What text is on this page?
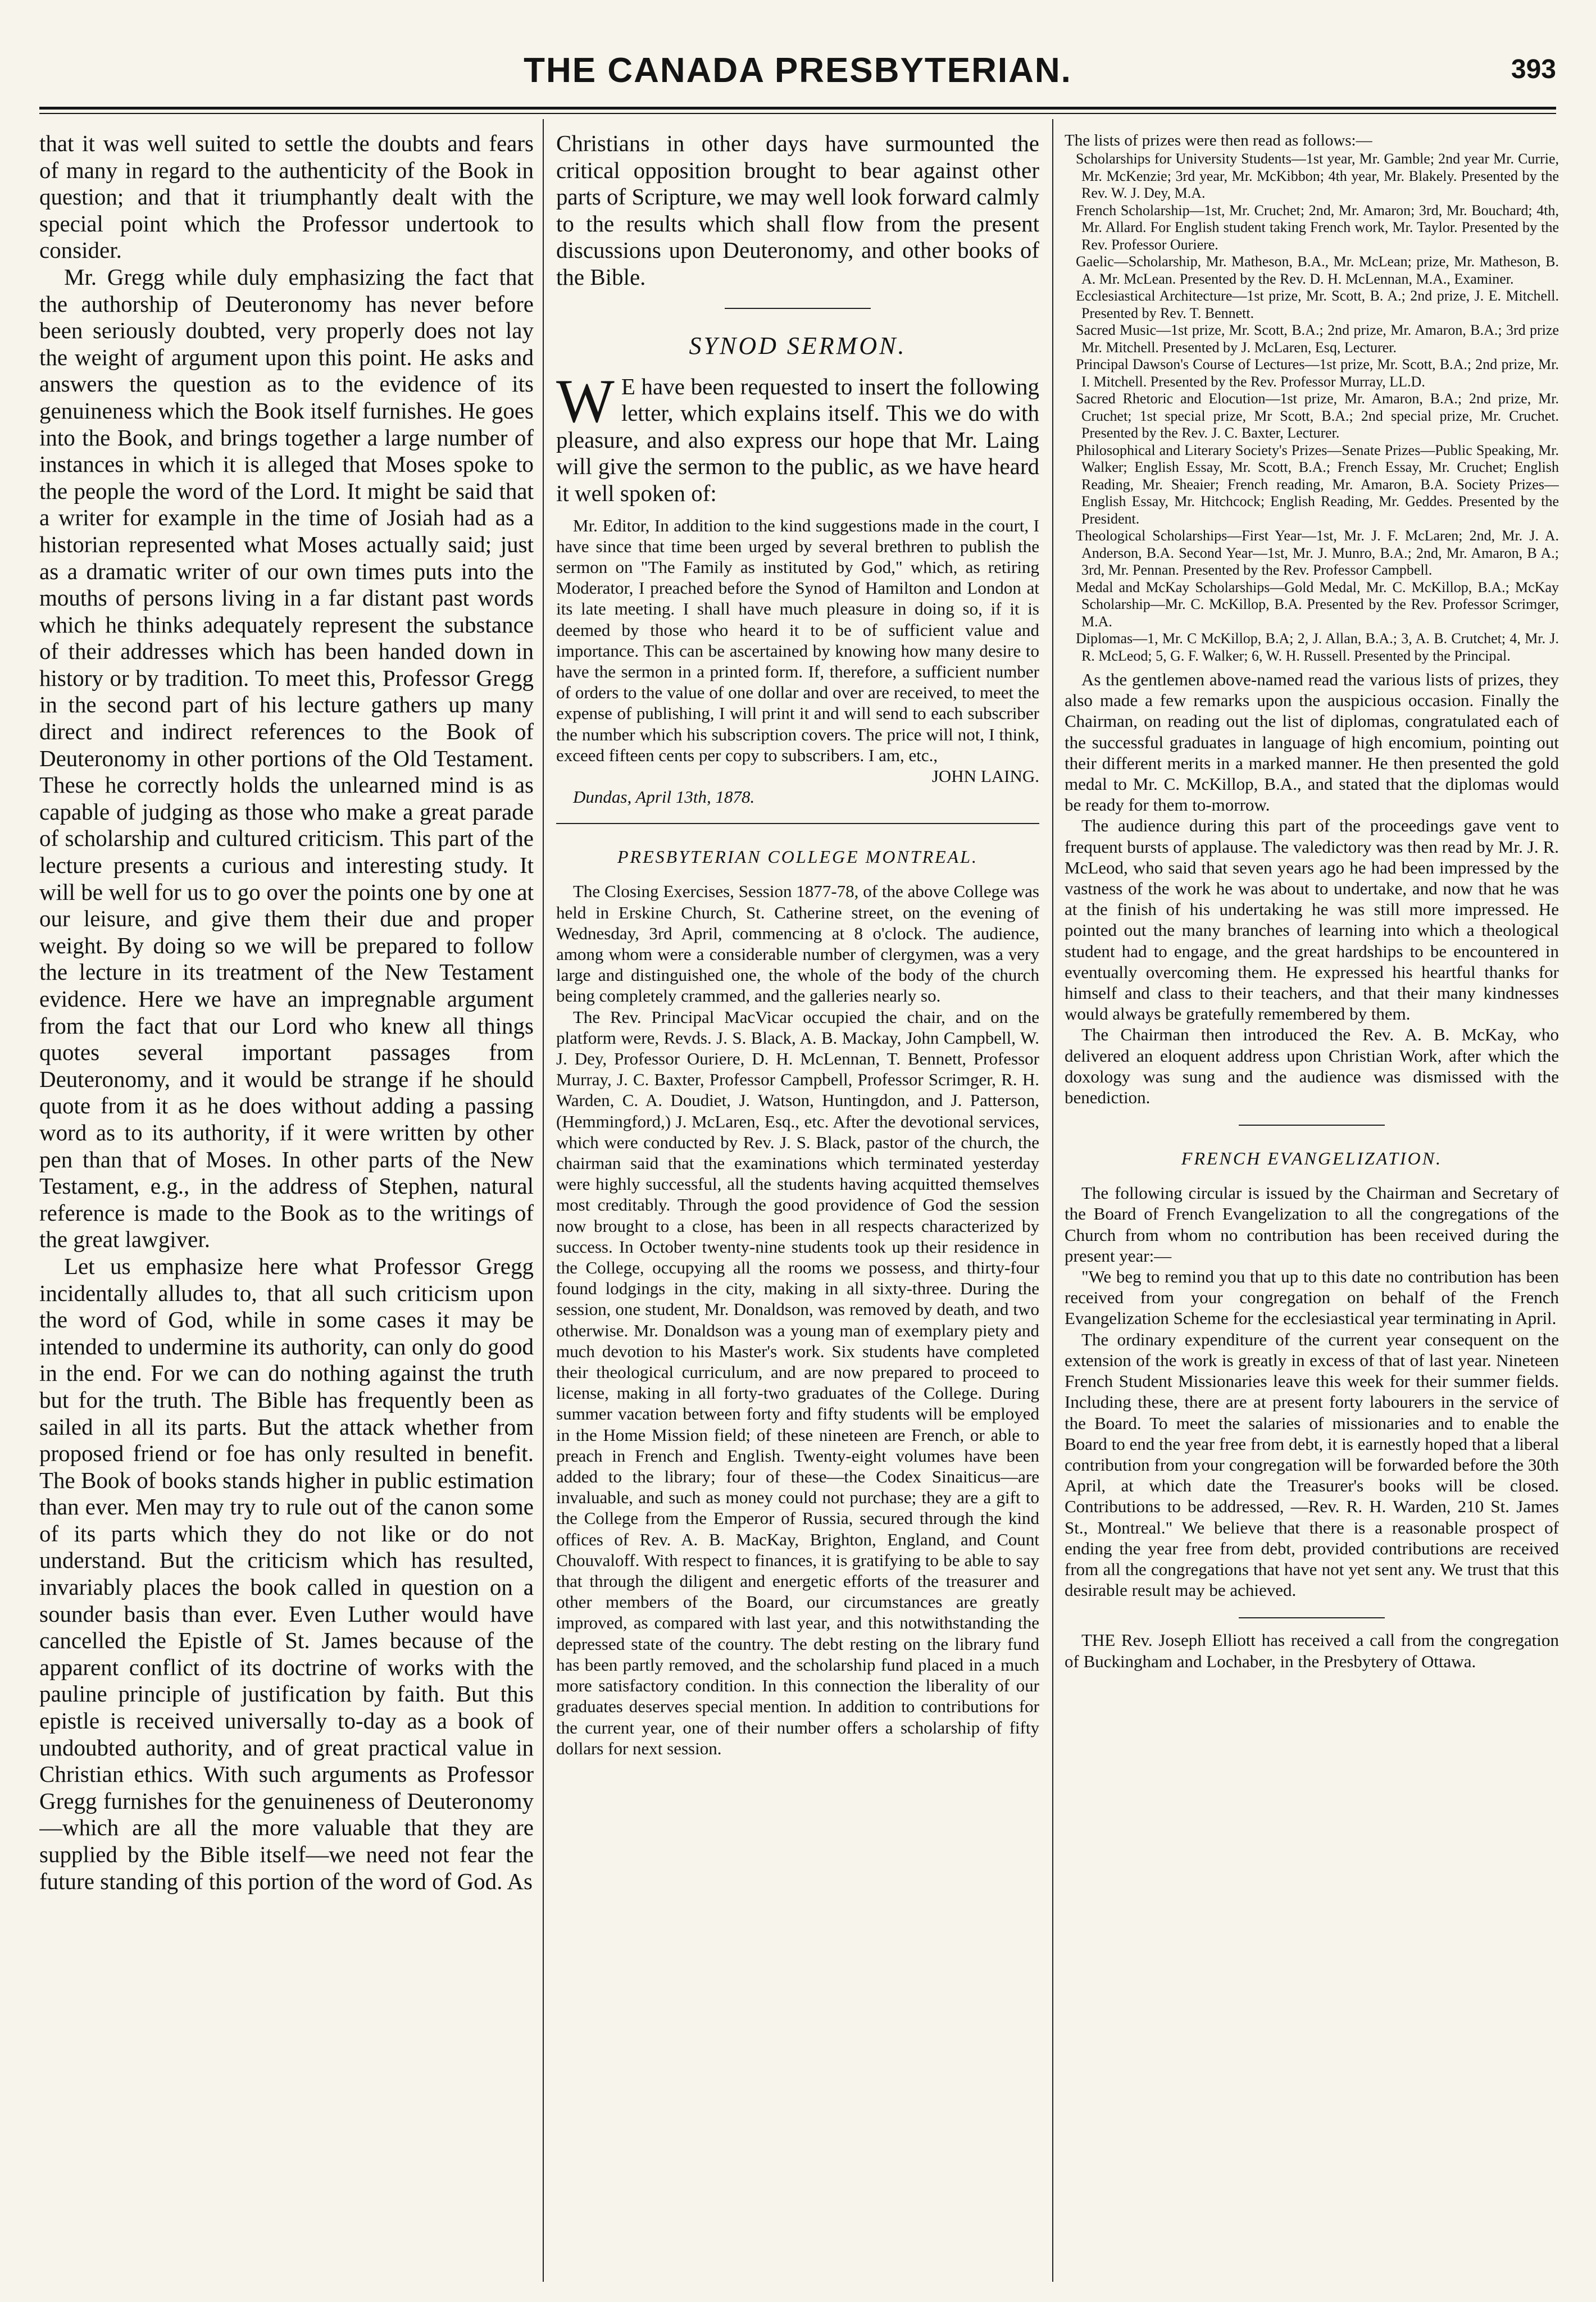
THE CANADA PRESBYTERIAN.	393

that it was well suited to settle the doubts and fears of many in regard to the authenticity of the Book in question; and that it triumphantly dealt with the special point which the Professor undertook to consider.

Mr. Gregg while duly emphasizing the fact that the authorship of Deuteronomy has never before been seriously doubted, very properly does not lay the weight of argument upon this point. He asks and answers the question as to the evidence of its genuineness which the Book itself furnishes. He goes into the Book, and brings together a large number of instances in which it is alleged that Moses spoke to the people the word of the Lord. It might be said that a writer for example in the time of Josiah had as a historian represented what Moses actually said; just as a dramatic writer of our own times puts into the mouths of persons living in a far distant past words which he thinks adequately represent the substance of their addresses which has been handed down in history or by tradition. To meet this, Professor Gregg in the second part of his lecture gathers up many direct and indirect references to the Book of Deuteronomy in other portions of the Old Testament. These he correctly holds the unlearned mind is as capable of judging as those who make a great parade of scholarship and cultured criticism. This part of the lecture presents a curious and interesting study. It will be well for us to go over the points one by one at our leisure, and give them their due and proper weight. By doing so we will be prepared to follow the lecture in its treatment of the New Testament evidence. Here we have an impregnable argument from the fact that our Lord who knew all things quotes several important passages from Deuteronomy, and it would be strange if he should quote from it as he does without adding a passing word as to its authority, if it were written by other pen than that of Moses. In other parts of the New Testament, e.g., in the address of Stephen, natural reference is made to the Book as to the writings of the great lawgiver.

Let us emphasize here what Professor Gregg incidentally alludes to, that all such criticism upon the word of God, while in some cases it may be intended to undermine its authority, can only do good in the end. For we can do nothing against the truth but for the truth. The Bible has frequently been as sailed in all its parts. But the attack whether from proposed friend or foe has only resulted in benefit. The Book of books stands higher in public estimation than ever. Men may try to rule out of the canon some of its parts which they do not like or do not understand. But the criticism which has resulted, invariably places the book called in question on a sounder basis than ever. Even Luther would have cancelled the Epistle of St. James because of the apparent conflict of its doctrine of works with the pauline principle of justification by faith. But this epistle is received universally to-day as a book of undoubted authority, and of great practical value in Christian ethics. With such arguments as Professor Gregg furnishes for the genuineness of Deuteronomy—which are all the more valuable that they are supplied by the Bible itself—we need not fear the future standing of this portion of the word of God. As

Christians in other days have surmounted the critical opposition brought to bear against other parts of Scripture, we may well look forward calmly to the results which shall flow from the present discussions upon Deuteronomy, and other books of the Bible.

SYNOD SERMON.

W E have been requested to insert the following letter, which explains itself. This we do with pleasure, and also express our hope that Mr. Laing will give the sermon to the public, as we have heard it well spoken of:

Mr. Editor, In addition to the kind suggestions made in the court, I have since that time been urged by several brethren to publish the sermon on "The Family as instituted by God," which, as retiring Moderator, I preached before the Synod of Hamilton and London at its late meeting. I shall have much pleasure in doing so, if it is deemed by those who heard it to be of sufficient value and importance. This can be ascertained by knowing how many desire to have the sermon in a printed form. If, therefore, a sufficient number of orders to the value of one dollar and over are received, to meet the expense of publishing, I will print it and will send to each subscriber the number which his subscription covers. The price will not, I think, exceed fifteen cents per copy to subscribers. I am, etc.,

JOHN LAING.

Dundas, April 13th, 1878.

PRESBYTERIAN COLLEGE MONTREAL.

The Closing Exercises, Session 1877-78, of the above College was held in Erskine Church, St. Catherine street, on the evening of Wednesday, 3rd April, commencing at 8 o'clock. The audience, among whom were a considerable number of clergymen, was a very large and distinguished one, the whole of the body of the church being completely crammed, and the galleries nearly so.

The Rev. Principal MacVicar occupied the chair, and on the platform were, Revds. J. S. Black, A. B. Mackay, John Campbell, W. J. Dey, Professor Ouriere, D. H. McLennan, T. Bennett, Professor Murray, J. C. Baxter, Professor Campbell, Professor Scrimger, R. H. Warden, C. A. Doudiet, J. Watson, Huntingdon, and J. Patterson, (Hemmingford,) J. McLaren, Esq., etc. After the devotional services, which were conducted by Rev. J. S. Black, pastor of the church, the chairman said that the examinations which terminated yesterday were highly successful, all the students having acquitted themselves most creditably. Through the good providence of God the session now brought to a close, has been in all respects characterized by success. In October twenty-nine students took up their residence in the College, occupying all the rooms we possess, and thirty-four found lodgings in the city, making in all sixty-three. During the session, one student, Mr. Donaldson, was removed by death, and two otherwise. Mr. Donaldson was a young man of exemplary piety and much devotion to his Master's work. Six students have completed their theological curriculum, and are now prepared to proceed to license, making in all forty-two graduates of the College. During summer vacation between forty and fifty students will be employed in the Home Mission field; of these nineteen are French, or able to preach in French and English. Twenty-eight volumes have been added to the library; four of these—the Codex Sinaiticus—are invaluable, and such as money could not purchase; they are a gift to the College from the Emperor of Russia, secured through the kind offices of Rev. A. B. MacKay, Brighton, England, and Count Chouvaloff. With respect to finances, it is gratifying to be able to say that through the diligent and energetic efforts of the treasurer and other members of the Board, our circumstances are greatly improved, as compared with last year, and this notwithstanding the depressed state of the country. The debt resting on the library fund has been partly removed, and the scholarship fund placed in a much more satisfactory condition. In this connection the liberality of our graduates deserves special mention. In addition to contributions for the current year, one of their number offers a scholarship of fifty dollars for next session.

The lists of prizes were then read as follows:—

Scholarships for University Students—1st year, Mr. Gamble; 2nd year Mr. Currie, Mr. McKenzie; 3rd year, Mr. McKibbon; 4th year, Mr. Blakely. Presented by the Rev. W. J. Dey, M.A.

French Scholarship—1st, Mr. Cruchet; 2nd, Mr. Amaron; 3rd, Mr. Bouchard; 4th, Mr. Allard. For English student taking French work, Mr. Taylor. Presented by the Rev. Professor Ouriere.

Gaelic—Scholarship, Mr. Matheson, B.A., Mr. McLean; prize, Mr. Matheson, B. A. Mr. McLean. Presented by the Rev. D. H. McLennan, M.A., Examiner.

Ecclesiastical Architecture—1st prize, Mr. Scott, B. A.; 2nd prize, J. E. Mitchell. Presented by Rev. T. Bennett.

Sacred Music—1st prize, Mr. Scott, B.A.; 2nd prize, Mr. Amaron, B.A.; 3rd prize Mr. Mitchell. Presented by J. McLaren, Esq, Lecturer.

Principal Dawson's Course of Lectures—1st prize, Mr. Scott, B.A.; 2nd prize, Mr. I. Mitchell. Presented by the Rev. Professor Murray, LL.D.

Sacred Rhetoric and Elocution—1st prize, Mr. Amaron, B.A.; 2nd prize, Mr. Cruchet; 1st special prize, Mr Scott, B.A.; 2nd special prize, Mr. Cruchet. Presented by the Rev. J. C. Baxter, Lecturer.

Philosophical and Literary Society's Prizes—Senate Prizes—Public Speaking, Mr. Walker; English Essay, Mr. Scott, B.A.; French Essay, Mr. Cruchet; English Reading, Mr. Sheaier; French reading, Mr. Amaron, B.A. Society Prizes—English Essay, Mr. Hitchcock; English Reading, Mr. Geddes. Presented by the President.

Theological Scholarships—First Year—1st, Mr. J. F. McLaren; 2nd, Mr. J. A. Anderson, B.A. Second Year—1st, Mr. J. Munro, B.A.; 2nd, Mr. Amaron, B A.; 3rd, Mr. Pennan. Presented by the Rev. Professor Campbell.

Medal and McKay Scholarships—Gold Medal, Mr. C. McKillop, B.A.; McKay Scholarship—Mr. C. McKillop, B.A. Presented by the Rev. Professor Scrimger, M.A.

Diplomas—1, Mr. C McKillop, B.A; 2, J. Allan, B.A.; 3, A. B. Crutchet; 4, Mr. J. R. McLeod; 5, G. F. Walker; 6, W. H. Russell. Presented by the Principal.

As the gentlemen above-named read the various lists of prizes, they also made a few remarks upon the auspicious occasion. Finally the Chairman, on reading out the list of diplomas, congratulated each of the successful graduates in language of high encomium, pointing out their different merits in a marked manner. He then presented the gold medal to Mr. C. McKillop, B.A., and stated that the diplomas would be ready for them to-morrow.

The audience during this part of the proceedings gave vent to frequent bursts of applause. The valedictory was then read by Mr. J. R. McLeod, who said that seven years ago he had been impressed by the vastness of the work he was about to undertake, and now that he was at the finish of his undertaking he was still more impressed. He pointed out the many branches of learning into which a theological student had to engage, and the great hardships to be encountered in eventually overcoming them. He expressed his heartful thanks for himself and class to their teachers, and that their many kindnesses would always be gratefully remembered by them.

The Chairman then introduced the Rev. A. B. McKay, who delivered an eloquent address upon Christian Work, after which the doxology was sung and the audience was dismissed with the benediction.

FRENCH EVANGELIZATION.

The following circular is issued by the Chairman and Secretary of the Board of French Evangelization to all the congregations of the Church from whom no contribution has been received during the present year:—

"We beg to remind you that up to this date no contribution has been received from your congregation on behalf of the French Evangelization Scheme for the ecclesiastical year terminating in April.

The ordinary expenditure of the current year consequent on the extension of the work is greatly in excess of that of last year. Nineteen French Student Missionaries leave this week for their summer fields. Including these, there are at present forty labourers in the service of the Board. To meet the salaries of missionaries and to enable the Board to end the year free from debt, it is earnestly hoped that a liberal contribution from your congregation will be forwarded before the 30th April, at which date the Treasurer's books will be closed. Contributions to be addressed, —Rev. R. H. Warden, 210 St. James St., Montreal." We believe that there is a reasonable prospect of ending the year free from debt, provided contributions are received from all the congregations that have not yet sent any. We trust that this desirable result may be achieved.

THE Rev. Joseph Elliott has received a call from the congregation of Buckingham and Lochaber, in the Presbytery of Ottawa.
